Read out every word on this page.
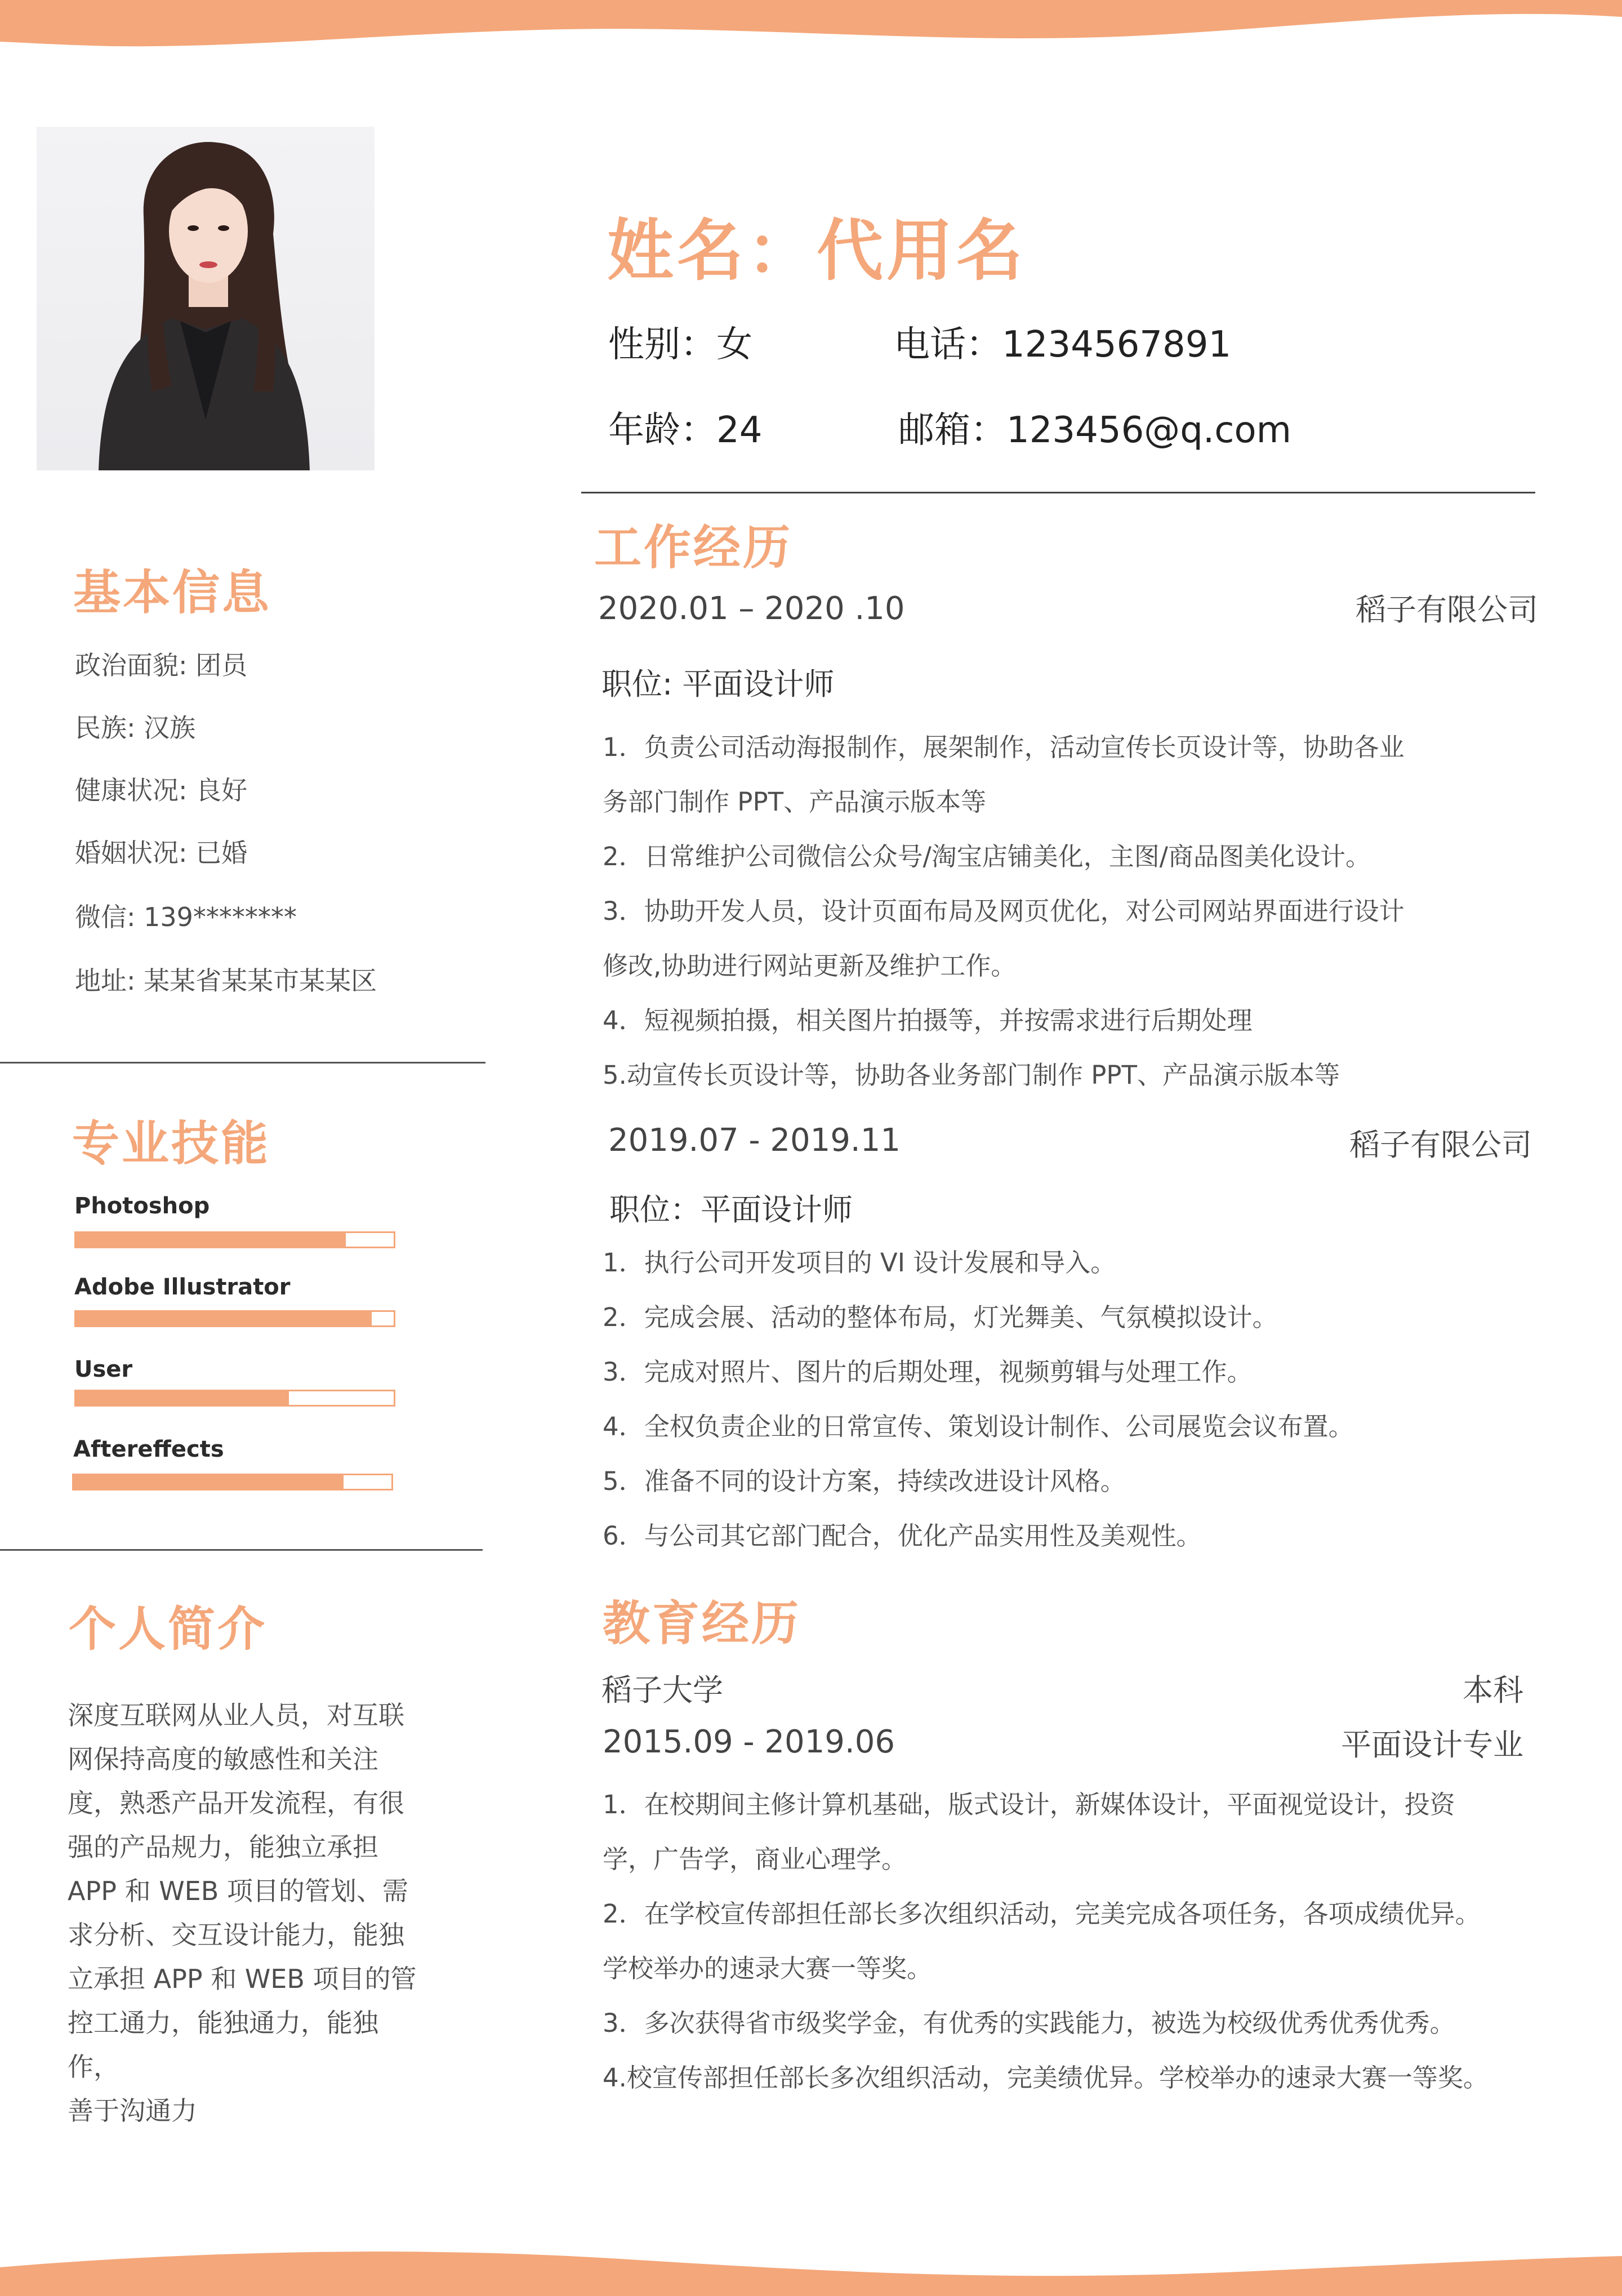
基本信息
政治面貌: 团员
民族: 汉族
健康状况: 良好
婚姻状况: 已婚
微信: 139********
地址: 某某省某某市某某区
专业技能
Photoshop
Adobe Illustrator
User
Aftereffects
个人简介
深度互联网从业人员，对互联
网保持高度的敏感性和关注
度，熟悉产品开发流程，有很
强的产品规力，能独立承担
APP 和 WEB 项目的管划、需
求分析、交互设计能力，能独
立承担 APP 和 WEB 项目的管
控工通力，能独通力，能独作，
善于沟通力
姓名：代用名
性别：女	电话：1234567891
年龄：24	邮箱：123456@q.com
工作经历
2020.01 – 2020 .10	稻子有限公司
职位: 平面设计师
1．负责公司活动海报制作，展架制作，活动宣传长页设计等，协助各业
务部门制作 PPT、产品演示版本等
2．日常维护公司微信公众号/淘宝店铺美化，主图/商品图美化设计。
3．协助开发人员，设计页面布局及网页优化，对公司网站界面进行设计
修改,协助进行网站更新及维护工作。
4．短视频拍摄，相关图片拍摄等，并按需求进行后期处理
5.动宣传长页设计等，协助各业务部门制作 PPT、产品演示版本等
2019.07 - 2019.11	稻子有限公司
职位：平面设计师
1．执行公司开发项目的 VI 设计发展和导入。
2．完成会展、活动的整体布局，灯光舞美、气氛模拟设计。
3．完成对照片、图片的后期处理，视频剪辑与处理工作。
4．全权负责企业的日常宣传、策划设计制作、公司展览会议布置。
5．准备不同的设计方案，持续改进设计风格。
6．与公司其它部门配合，优化产品实用性及美观性。
教育经历
稻子大学	本科
2015.09 - 2019.06	平面设计专业
1．在校期间主修计算机基础，版式设计，新媒体设计，平面视觉设计，投资
学，广告学，商业心理学。
2．在学校宣传部担任部长多次组织活动，完美完成各项任务，各项成绩优异。
学校举办的速录大赛一等奖。
3．多次获得省市级奖学金，有优秀的实践能力，被选为校级优秀优秀优秀。
4.校宣传部担任部长多次组织活动，完美绩优异。学校举办的速录大赛一等奖。
